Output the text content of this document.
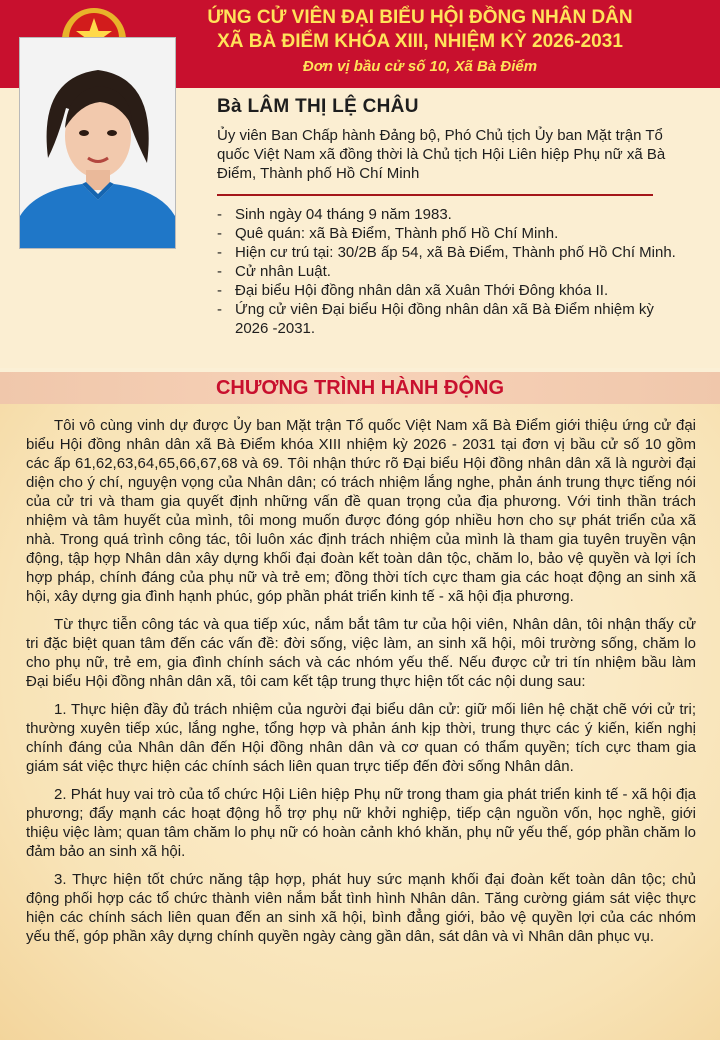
ỨNG CỬ VIÊN ĐẠI BIỂU HỘI ĐỒNG NHÂN DÂN
XÃ BÀ ĐIỂM KHÓA XIII, NHIỆM KỲ 2026-2031
Đơn vị bầu cử số 10, Xã Bà Điểm
Bà LÂM THỊ LỆ CHÂU
Ủy viên Ban Chấp hành Đảng bộ, Phó Chủ tịch Ủy ban Mặt trận Tổ quốc Việt Nam xã đồng thời là Chủ tịch Hội Liên hiệp Phụ nữ xã Bà Điểm, Thành phố Hồ Chí Minh
- Sinh ngày 04 tháng 9 năm 1983.
- Quê quán: xã Bà Điểm, Thành phố Hồ Chí Minh.
- Hiện cư trú tại: 30/2B ấp 54, xã Bà Điểm, Thành phố Hồ Chí Minh.
- Cử nhân Luật.
- Đại biểu Hội đồng nhân dân xã Xuân Thới Đông khóa II.
- Ứng cử viên Đại biểu Hội đồng nhân dân xã Bà Điểm nhiệm kỳ 2026 -2031.
CHƯƠNG TRÌNH HÀNH ĐỘNG

Tôi vô cùng vinh dự được Ủy ban Mặt trận Tổ quốc Việt Nam xã Bà Điểm giới thiệu ứng cử đại biểu Hội đồng nhân dân xã Bà Điểm khóa XIII nhiệm kỳ 2026 - 2031 tại đơn vị bầu cử số 10 gồm các ấp 61,62,63,64,65,66,67,68 và 69. Tôi nhận thức rõ Đại biểu Hội đồng nhân dân xã là người đại diện cho ý chí, nguyện vọng của Nhân dân; có trách nhiệm lắng nghe, phản ánh trung thực tiếng nói của cử tri và tham gia quyết định những vấn đề quan trọng của địa phương. Với tinh thần trách nhiệm và tâm huyết của mình, tôi mong muốn được đóng góp nhiều hơn cho sự phát triển của xã nhà. Trong quá trình công tác, tôi luôn xác định trách nhiệm của mình là tham gia tuyên truyền vận động, tập hợp Nhân dân xây dựng khối đại đoàn kết toàn dân tộc, chăm lo, bảo vệ quyền và lợi ích hợp pháp, chính đáng của phụ nữ và trẻ em; đồng thời tích cực tham gia các hoạt động an sinh xã hội, xây dựng gia đình hạnh phúc, góp phần phát triển kinh tế - xã hội địa phương.

Từ thực tiễn công tác và qua tiếp xúc, nắm bắt tâm tư của hội viên, Nhân dân, tôi nhận thấy cử tri đặc biệt quan tâm đến các vấn đề: đời sống, việc làm, an sinh xã hội, môi trường sống, chăm lo cho phụ nữ, trẻ em, gia đình chính sách và các nhóm yếu thế. Nếu được cử tri tín nhiệm bầu làm Đại biểu Hội đồng nhân dân xã, tôi cam kết tập trung thực hiện tốt các nội dung sau:

1. Thực hiện đầy đủ trách nhiệm của người đại biểu dân cử: giữ mối liên hệ chặt chẽ với cử tri; thường xuyên tiếp xúc, lắng nghe, tổng hợp và phản ánh kịp thời, trung thực các ý kiến, kiến nghị chính đáng của Nhân dân đến Hội đồng nhân dân và cơ quan có thẩm quyền; tích cực tham gia giám sát việc thực hiện các chính sách liên quan trực tiếp đến đời sống Nhân dân.

2. Phát huy vai trò của tổ chức Hội Liên hiệp Phụ nữ trong tham gia phát triển kinh tế - xã hội địa phương; đẩy mạnh các hoạt động hỗ trợ phụ nữ khởi nghiệp, tiếp cận nguồn vốn, học nghề, giới thiệu việc làm; quan tâm chăm lo phụ nữ có hoàn cảnh khó khăn, phụ nữ yếu thế, góp phần chăm lo đảm bảo an sinh xã hội.

3. Thực hiện tốt chức năng tập hợp, phát huy sức mạnh khối đại đoàn kết toàn dân tộc; chủ động phối hợp các tổ chức thành viên nắm bắt tình hình Nhân dân. Tăng cường giám sát việc thực hiện các chính sách liên quan đến an sinh xã hội, bình đẳng giới, bảo vệ quyền lợi của các nhóm yếu thế, góp phần xây dựng chính quyền ngày càng gần dân, sát dân và vì Nhân dân phục vụ.
